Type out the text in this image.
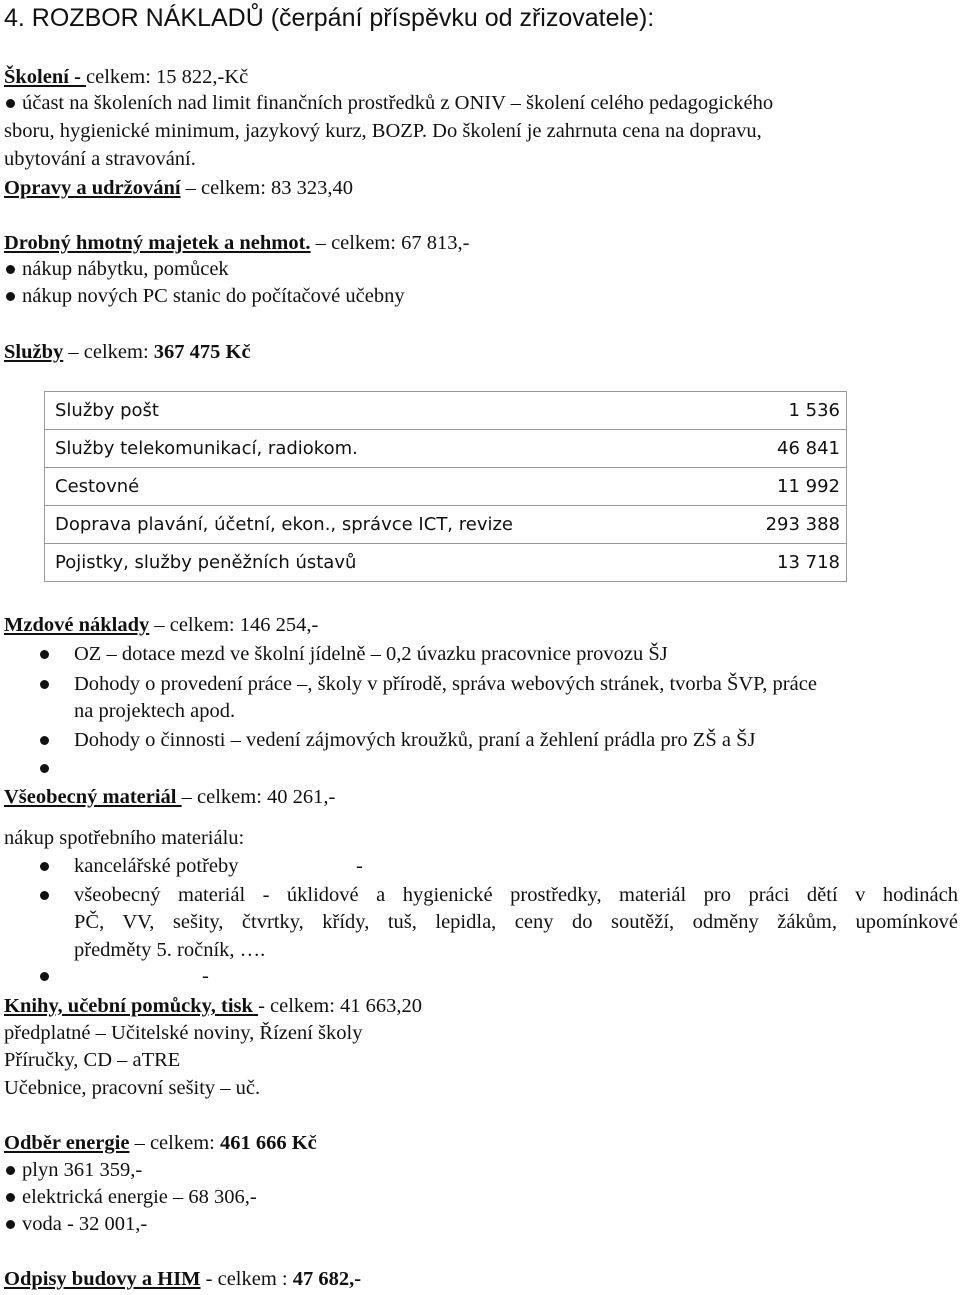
4. ROZBOR NÁKLADŮ (čerpání příspěvku od zřizovatele):
Školení - celkem: 15 822,-Kč
účast na školeních nad limit finančních prostředků z ONIV – školení celého pedagogického
sboru, hygienické minimum, jazykový kurz, BOZP. Do školení je zahrnuta cena na dopravu,
ubytování a stravování.
Opravy a udržování – celkem: 83 323,40
Drobný hmotný majetek a nehmot. – celkem: 67 813,-
nákup nábytku, pomůcek
nákup nových PC stanic do počítačové učebny
Služby – celkem: 367 475 Kč
Služby pošt	1 536
Služby telekomunikací, radiokom.	46 841
Cestovné	11 992
Doprava plavání, účetní, ekon., správce ICT, revize	293 388
Pojistky, služby peněžních ústavů	13 718
Mzdové náklady – celkem: 146 254,-
OZ – dotace mezd ve školní jídelně – 0,2 úvazku pracovnice provozu ŠJ
Dohody o provedení práce –, školy v přírodě, správa webových stránek, tvorba ŠVP, práce
na projektech apod.
Dohody o činnosti – vedení zájmových kroužků, praní a žehlení prádla pro ZŠ a ŠJ
Všeobecný materiál – celkem: 40 261,-
nákup spotřebního materiálu:
kancelářské potřeby	-
všeobecný materiál - úklidové a hygienické prostředky, materiál pro práci dětí v hodinách
PČ, VV, sešity, čtvrtky, křídy, tuš, lepidla, ceny do soutěží, odměny žákům, upomínkové
předměty 5. ročník, ….
-
Knihy, učební pomůcky, tisk - celkem: 41 663,20
předplatné – Učitelské noviny, Řízení školy
Příručky, CD – aTRE
Učebnice, pracovní sešity – uč.
Odběr energie – celkem: 461 666 Kč
plyn 361 359,-
elektrická energie – 68 306,-
voda - 32 001,-
Odpisy budovy a HIM - celkem : 47 682,-
